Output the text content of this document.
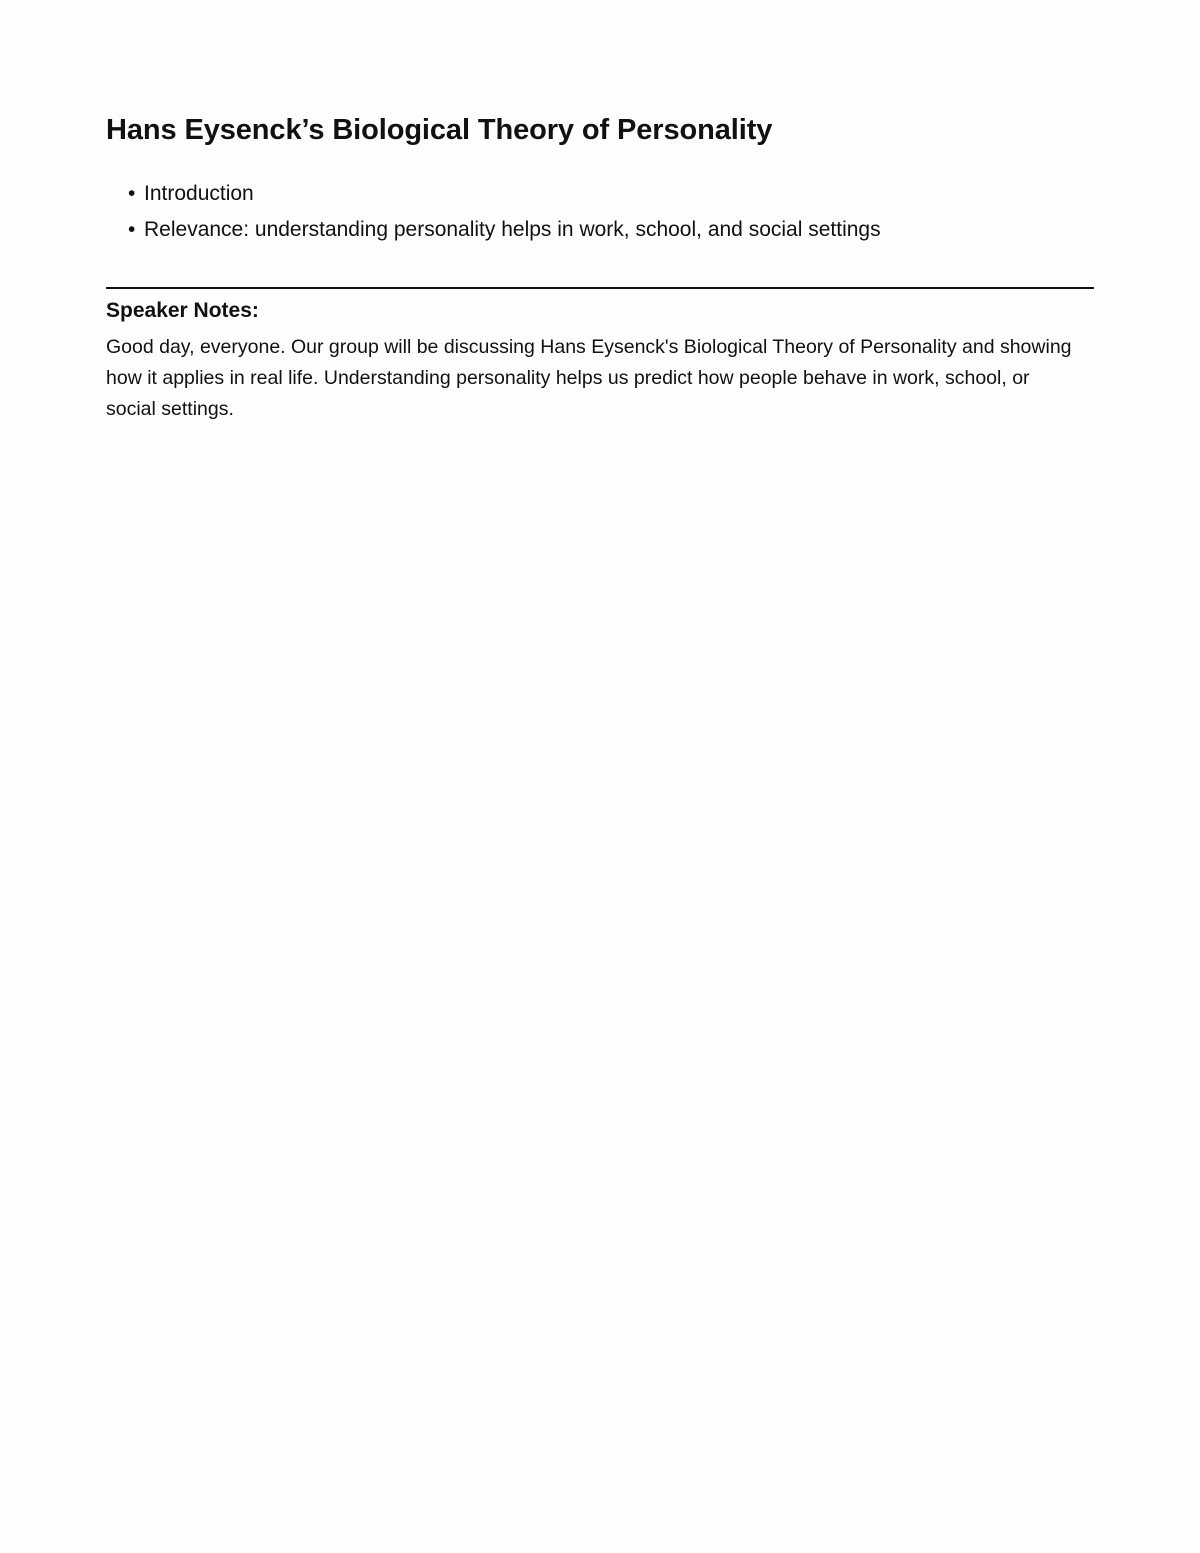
Hans Eysenck’s Biological Theory of Personality
• Introduction
• Relevance: understanding personality helps in work, school, and social settings
Speaker Notes:

Good day, everyone. Our group will be discussing Hans Eysenck's Biological Theory of Personality and showing
how it applies in real life. Understanding personality helps us predict how people behave in work, school, or
social settings.
